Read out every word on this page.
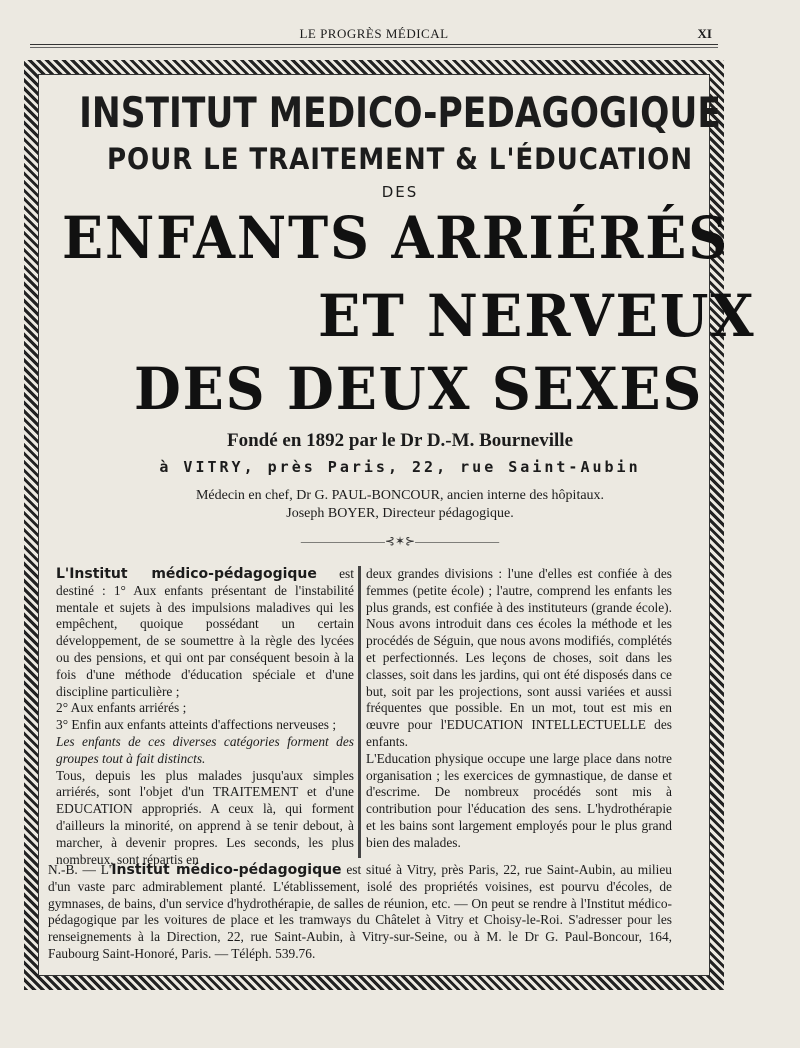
LE PROGRÈS MÉDICAL	XI
INSTITUT MEDICO-PEDAGOGIQUE
POUR LE TRAITEMENT & L'ÉDUCATION
DES
ENFANTS ARRIÉRÉS
ET NERVEUX
DES DEUX SEXES
Fondé en 1892 par le Dr D.-M. Bourneville
à VITRY, près Paris, 22, rue Saint-Aubin
Médecin en chef, Dr G. PAUL-BONCOUR, ancien interne des hôpitaux.
Joseph BOYER, Directeur pédagogique.
———————⊰✶⊱———————

L'Institut médico-pédagogique est destiné : 1° Aux enfants présentant de l'instabilité mentale et sujets à des impulsions maladives qui les empêchent, quoique possédant un certain développement, de se soumettre à la règle des lycées ou des pensions, et qui ont par conséquent besoin à la fois d'une méthode d'éducation spéciale et d'une discipline particulière ;

2° Aux enfants arriérés ;

3° Enfin aux enfants atteints d'affections nerveuses ;

Les enfants de ces diverses catégories forment des groupes tout à fait distincts.

Tous, depuis les plus malades jusqu'aux simples arriérés, sont l'objet d'un TRAITEMENT et d'une EDUCATION appropriés. A ceux là, qui forment d'ailleurs la minorité, on apprend à se tenir debout, à marcher, à devenir propres. Les seconds, les plus nombreux, sont répartis en

deux grandes divisions : l'une d'elles est confiée à des femmes (petite école) ; l'autre, comprend les enfants les plus grands, est confiée à des instituteurs (grande école). Nous avons introduit dans ces écoles la méthode et les procédés de Séguin, que nous avons modifiés, complétés et perfectionnés. Les leçons de choses, soit dans les classes, soit dans les jardins, qui ont été disposés dans ce but, soit par les projections, sont aussi variées et aussi fréquentes que possible. En un mot, tout est mis en œuvre pour l'EDUCATION INTELLECTUELLE des enfants.

L'Education physique occupe une large place dans notre organisation ; les exercices de gymnastique, de danse et d'escrime. De nombreux procédés sont mis à contribution pour l'éducation des sens. L'hydrothérapie et les bains sont largement employés pour le plus grand bien des malades.

N.-B. — L'Institut médico-pédagogique est situé à Vitry, près Paris, 22, rue Saint-Aubin, au milieu d'un vaste parc admirablement planté. L'établissement, isolé des propriétés voisines, est pourvu d'écoles, de gymnases, de bains, d'un service d'hydrothérapie, de salles de réunion, etc. — On peut se rendre à l'Institut médico-pédagogique par les voitures de place et les tramways du Châtelet à Vitry et Choisy-le-Roi. S'adresser pour les renseignements à la Direction, 22, rue Saint-Aubin, à Vitry-sur-Seine, ou à M. le Dr G. Paul-Boncour, 164, Faubourg Saint-Honoré, Paris. — Téléph. 539.76.
